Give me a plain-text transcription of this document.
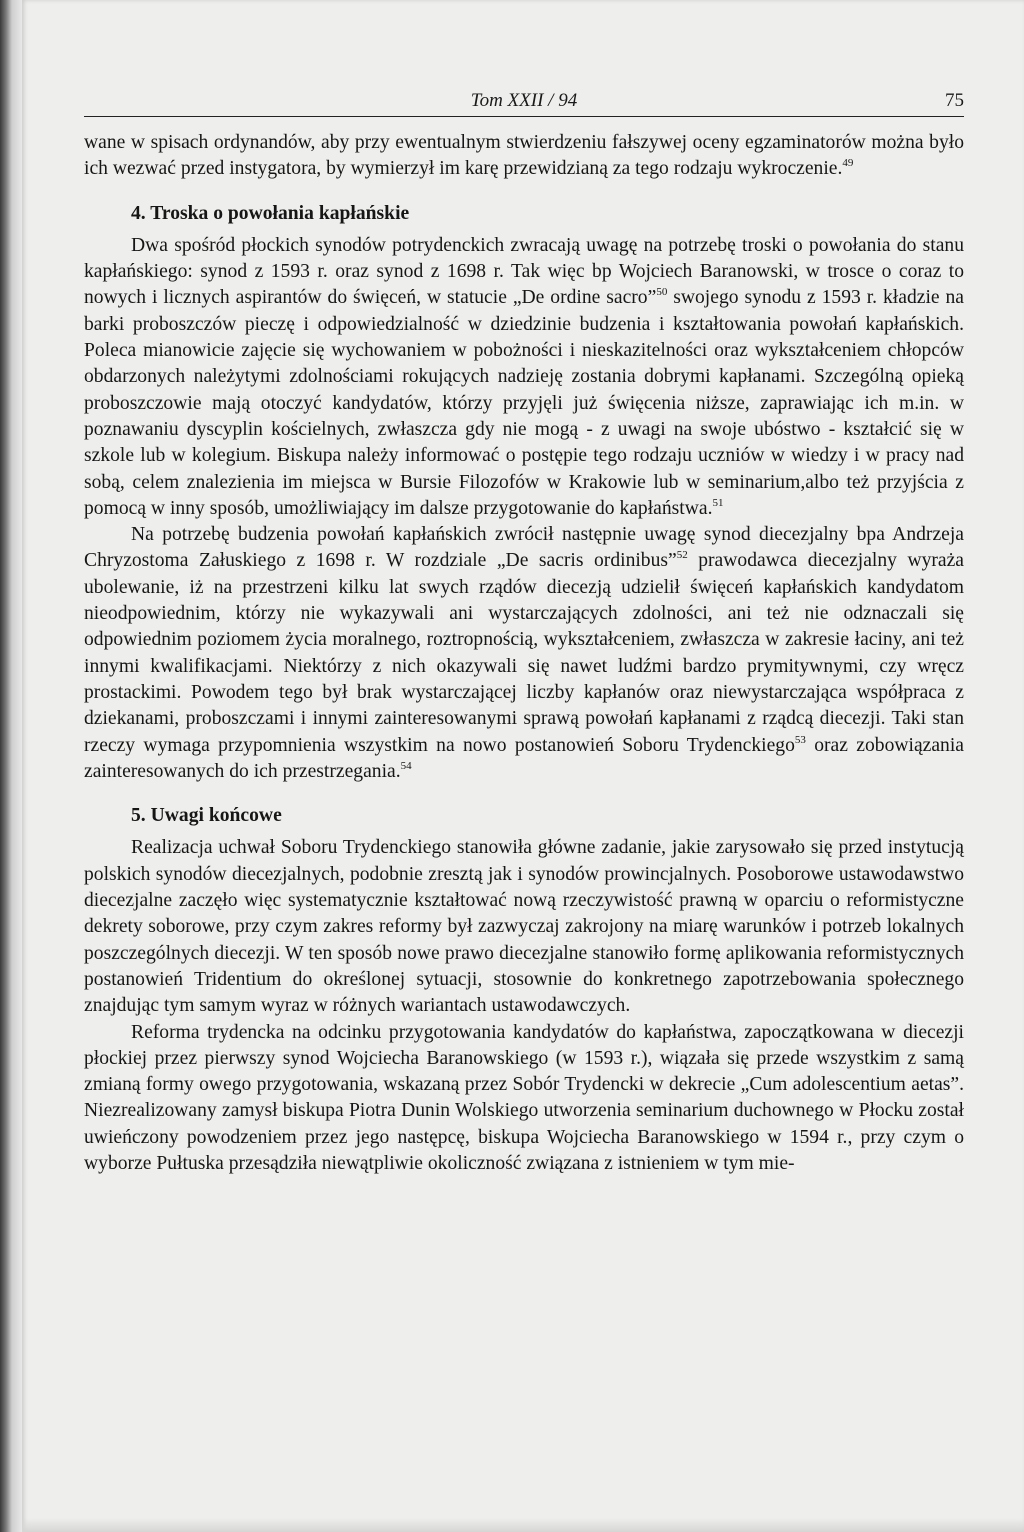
Tom XXII / 94	75

wane w spisach ordynandów, aby przy ewentualnym stwierdzeniu fałszywej oceny egzaminatorów można było ich wezwać przed instygatora, by wymierzył im karę przewidzianą za tego rodzaju wykroczenie.$^{49}$

4. Troska o powołania kapłańskie

Dwa spośród płockich synodów potrydenckich zwracają uwagę na potrzebę troski o powołania do stanu kapłańskiego: synod z 1593 r. oraz synod z 1698 r. Tak więc bp Wojciech Baranowski, w trosce o coraz to nowych i licznych aspirantów do święceń, w statucie „De ordine sacro”$^{50}$ swojego synodu z 1593 r. kładzie na barki proboszczów pieczę i odpowiedzialność w dziedzinie budzenia i kształtowania powołań kapłańskich. Poleca mianowicie zajęcie się wychowaniem w pobożności i nieskazitelności oraz wykształceniem chłopców obdarzonych należytymi zdolnościami rokujących nadzieję zostania dobrymi kapłanami. Szczególną opieką proboszczowie mają otoczyć kandydatów, którzy przyjęli już święcenia niższe, zaprawiając ich m.in. w poznawaniu dyscyplin kościelnych, zwłaszcza gdy nie mogą - z uwagi na swoje ubóstwo - kształcić się w szkole lub w kolegium. Biskupa należy informować o postępie tego rodzaju uczniów w wiedzy i w pracy nad sobą, celem znalezienia im miejsca w Bursie Filozofów w Krakowie lub w seminarium,albo też przyjścia z pomocą w inny sposób, umożliwiający im dalsze przygotowanie do kapłaństwa.$^{51}$

Na potrzebę budzenia powołań kapłańskich zwrócił następnie uwagę synod diecezjalny bpa Andrzeja Chryzostoma Załuskiego z 1698 r. W rozdziale „De sacris ordinibus”$^{52}$ prawodawca diecezjalny wyraża ubolewanie, iż na przestrzeni kilku lat swych rządów diecezją udzielił święceń kapłańskich kandydatom nieodpowiednim, którzy nie wykazywali ani wystarczających zdolności, ani też nie odznaczali się odpowiednim poziomem życia moralnego, roztropnością, wykształceniem, zwłaszcza w zakresie łaciny, ani też innymi kwalifikacjami. Niektórzy z nich okazywali się nawet ludźmi bardzo prymitywnymi, czy wręcz prostackimi. Powodem tego był brak wystarczającej liczby kapłanów oraz niewystarczająca współpraca z dziekanami, proboszczami i innymi zainteresowanymi sprawą powołań kapłanami z rządcą diecezji. Taki stan rzeczy wymaga przypomnienia wszystkim na nowo postanowień Soboru Trydenckiego$^{53}$ oraz zobowiązania zainteresowanych do ich przestrzegania.$^{54}$

5. Uwagi końcowe

Realizacja uchwał Soboru Trydenckiego stanowiła główne zadanie, jakie zarysowało się przed instytucją polskich synodów diecezjalnych, podobnie zresztą jak i synodów prowincjalnych. Posoborowe ustawodawstwo diecezjalne zaczęło więc systematycznie kształtować nową rzeczywistość prawną w oparciu o reformistyczne dekrety soborowe, przy czym zakres reformy był zazwyczaj zakrojony na miarę warunków i potrzeb lokalnych poszczególnych diecezji. W ten sposób nowe prawo diecezjalne stanowiło formę aplikowania reformistycznych postanowień Tridentium do określonej sytuacji, stosownie do konkretnego zapotrzebowania społecznego znajdując tym samym wyraz w różnych wariantach ustawodawczych.

Reforma trydencka na odcinku przygotowania kandydatów do kapłaństwa, zapoczątkowana w diecezji płockiej przez pierwszy synod Wojciecha Baranowskiego (w 1593 r.), wiązała się przede wszystkim z samą zmianą formy owego przygotowania, wskazaną przez Sobór Trydencki w dekrecie „Cum adolescentium aetas”. Niezrealizowany zamysł biskupa Piotra Dunin Wolskiego utworzenia seminarium duchownego w Płocku został uwieńczony powodzeniem przez jego następcę, biskupa Wojciecha Baranowskiego w 1594 r., przy czym o wyborze Pułtuska przesądziła niewątpliwie okoliczność związana z istnieniem w tym mie-
